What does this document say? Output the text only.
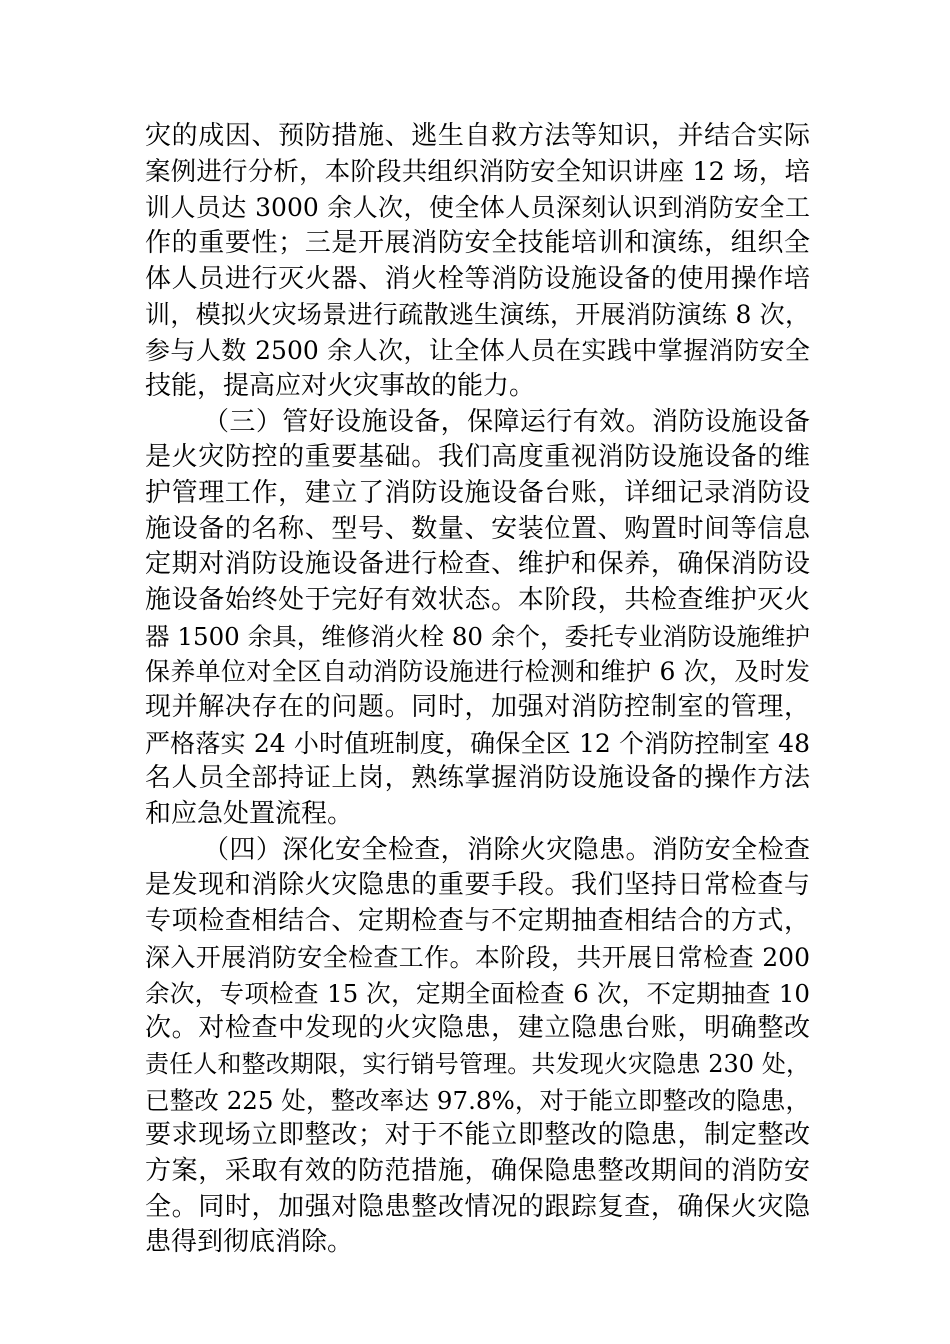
灾的成因、预防措施、逃生自救方法等知识，并结合实际
案例进行分析，本阶段共组织消防安全知识讲座 12 场，培
训人员达 3000 余人次，使全体人员深刻认识到消防安全工
作的重要性；三是开展消防安全技能培训和演练，组织全
体人员进行灭火器、消火栓等消防设施设备的使用操作培
训，模拟火灾场景进行疏散逃生演练，开展消防演练 8 次，
参与人数 2500 余人次，让全体人员在实践中掌握消防安全
技能，提高应对火灾事故的能力。
（三）管好设施设备，保障运行有效。消防设施设备
是火灾防控的重要基础。我们高度重视消防设施设备的维
护管理工作，建立了消防设施设备台账，详细记录消防设
施设备的名称、型号、数量、安装位置、购置时间等信息
定期对消防设施设备进行检查、维护和保养，确保消防设
施设备始终处于完好有效状态。本阶段，共检查维护灭火
器 1500 余具，维修消火栓 80 余个，委托专业消防设施维护
保养单位对全区自动消防设施进行检测和维护 6 次，及时发
现并解决存在的问题。同时，加强对消防控制室的管理，
严格落实 24 小时值班制度，确保全区 12 个消防控制室 48
名人员全部持证上岗，熟练掌握消防设施设备的操作方法
和应急处置流程。
（四）深化安全检查，消除火灾隐患。消防安全检查
是发现和消除火灾隐患的重要手段。我们坚持日常检查与
专项检查相结合、定期检查与不定期抽查相结合的方式，
深入开展消防安全检查工作。本阶段，共开展日常检查 200
余次，专项检查 15 次，定期全面检查 6 次，不定期抽查 10
次。对检查中发现的火灾隐患，建立隐患台账，明确整改
责任人和整改期限，实行销号管理。共发现火灾隐患 230 处，
已整改 225 处，整改率达 97.8%，对于能立即整改的隐患，
要求现场立即整改；对于不能立即整改的隐患，制定整改
方案，采取有效的防范措施，确保隐患整改期间的消防安
全。同时，加强对隐患整改情况的跟踪复查，确保火灾隐
患得到彻底消除。
